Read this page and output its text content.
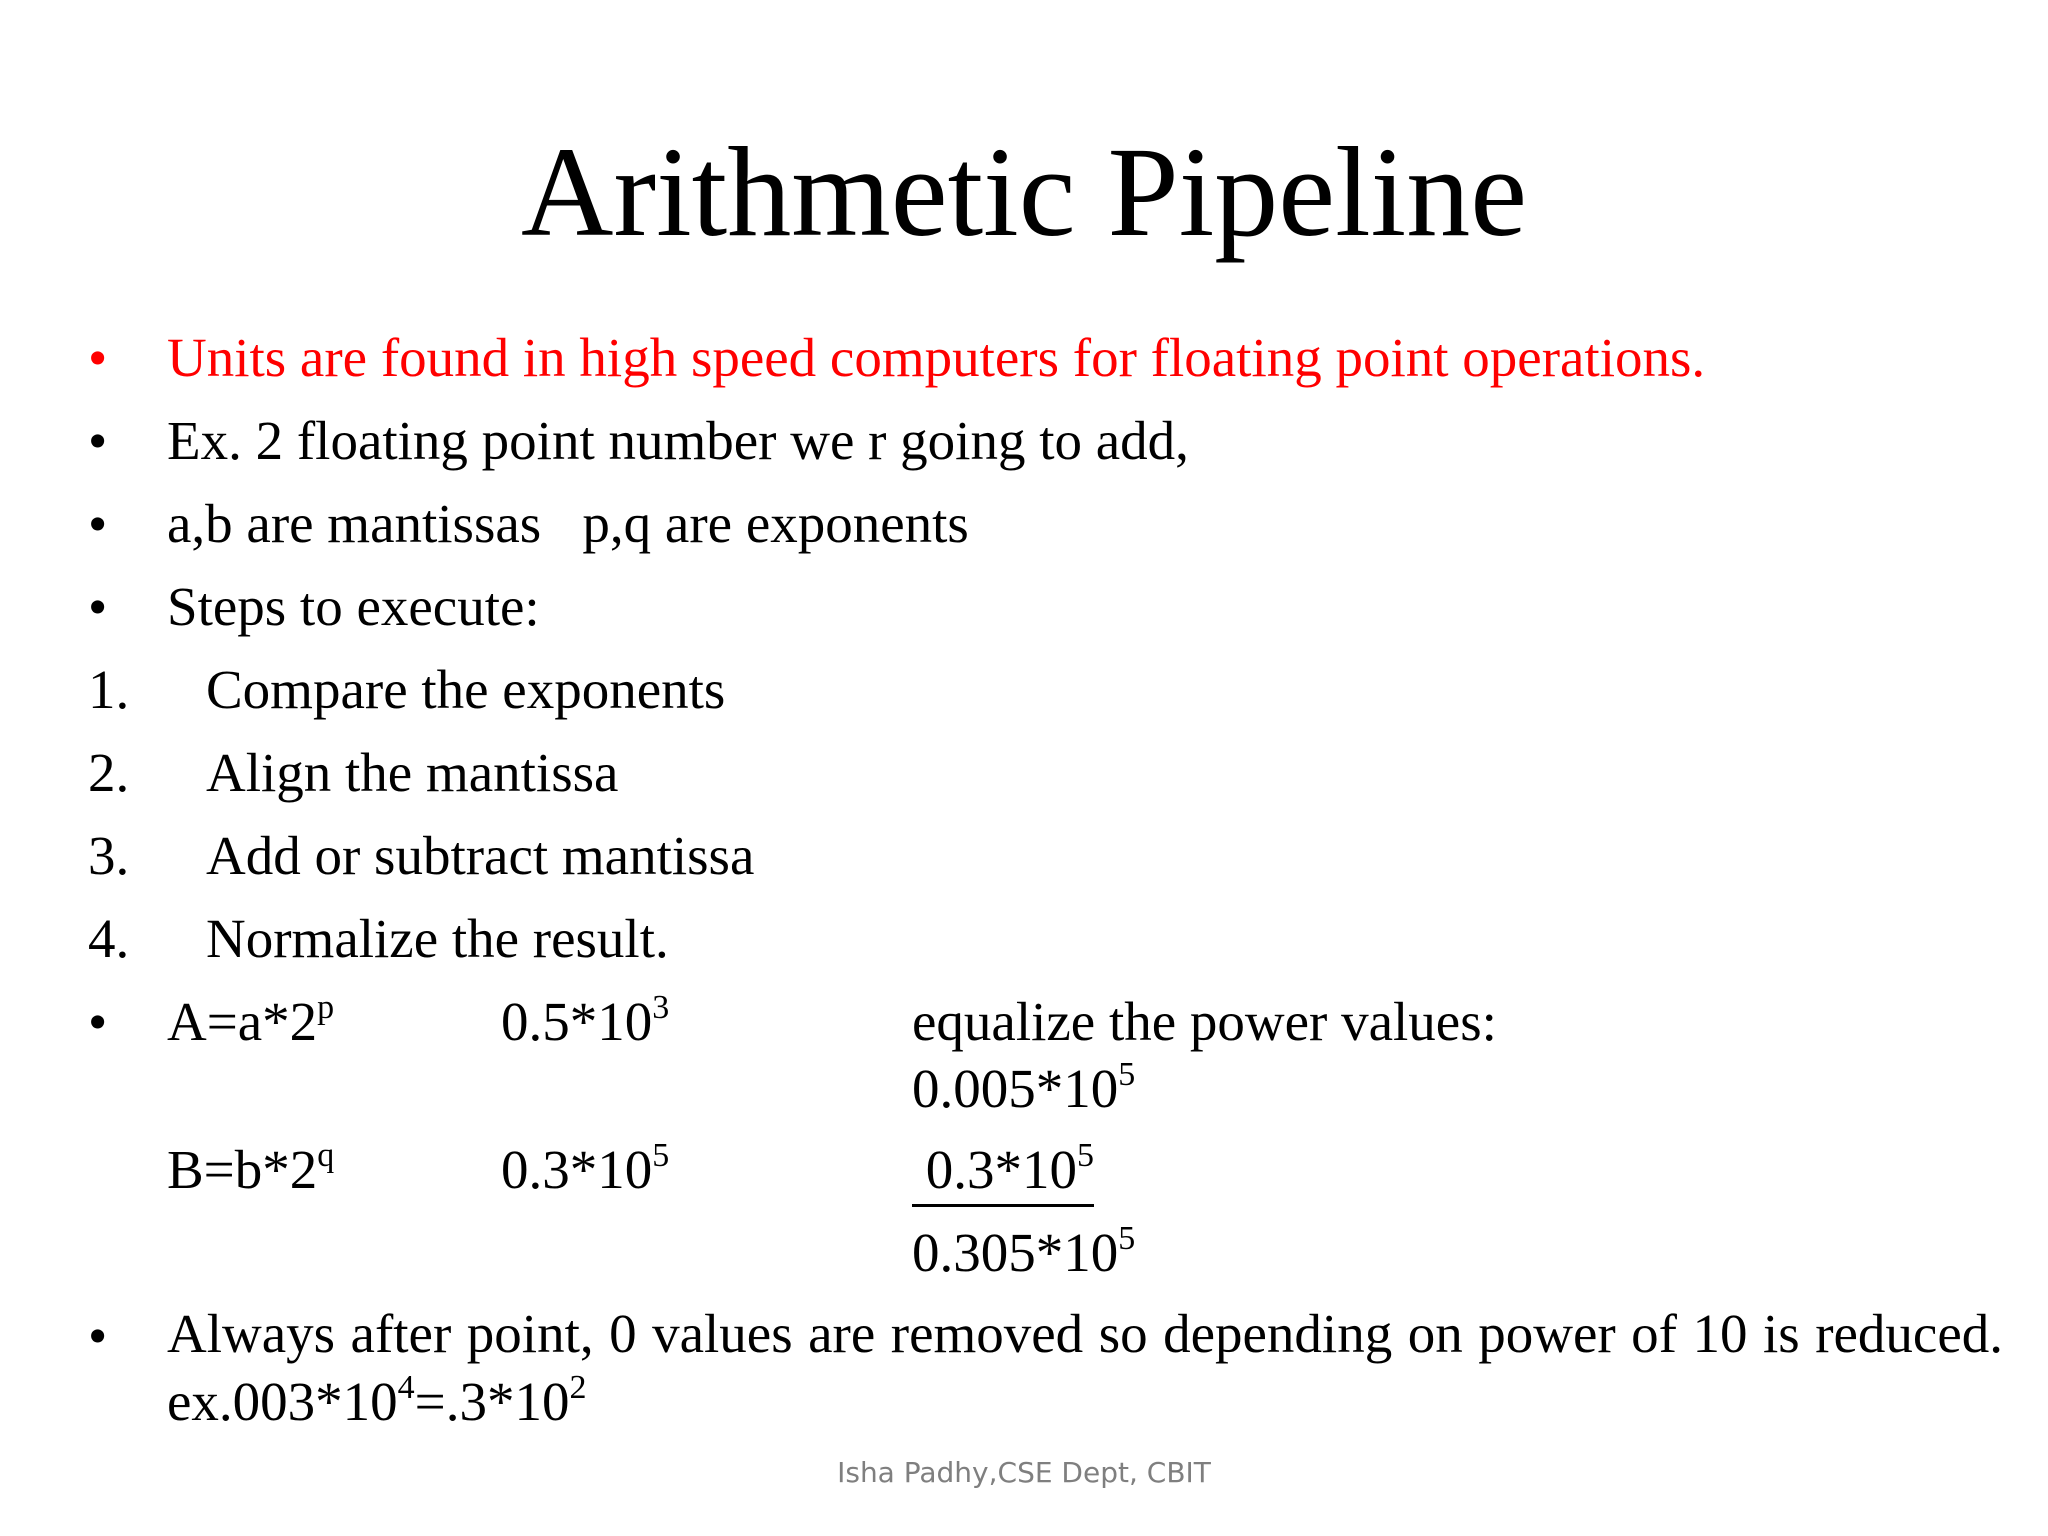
Arithmetic Pipeline
• Units are found in high speed computers for floating point operations.
• Ex. 2 floating point number we r going to add,
• a,b are mantissas   p,q are exponents
• Steps to execute:
1. Compare the exponents
2. Align the mantissa
3. Add or subtract mantissa
4. Normalize the result.
• $A=a*2^p$	$0.5*10^3$	equalize the power values:
$0.005*10^5$
$B=b*2^q$	$0.3*10^5$	$0.3*10^5$
$0.305*10^5$
• Always after point, 0 values are removed so depending on power of 10 is reduced. $ex.003*10^4=.3*10^2$
Isha Padhy,CSE Dept, CBIT
